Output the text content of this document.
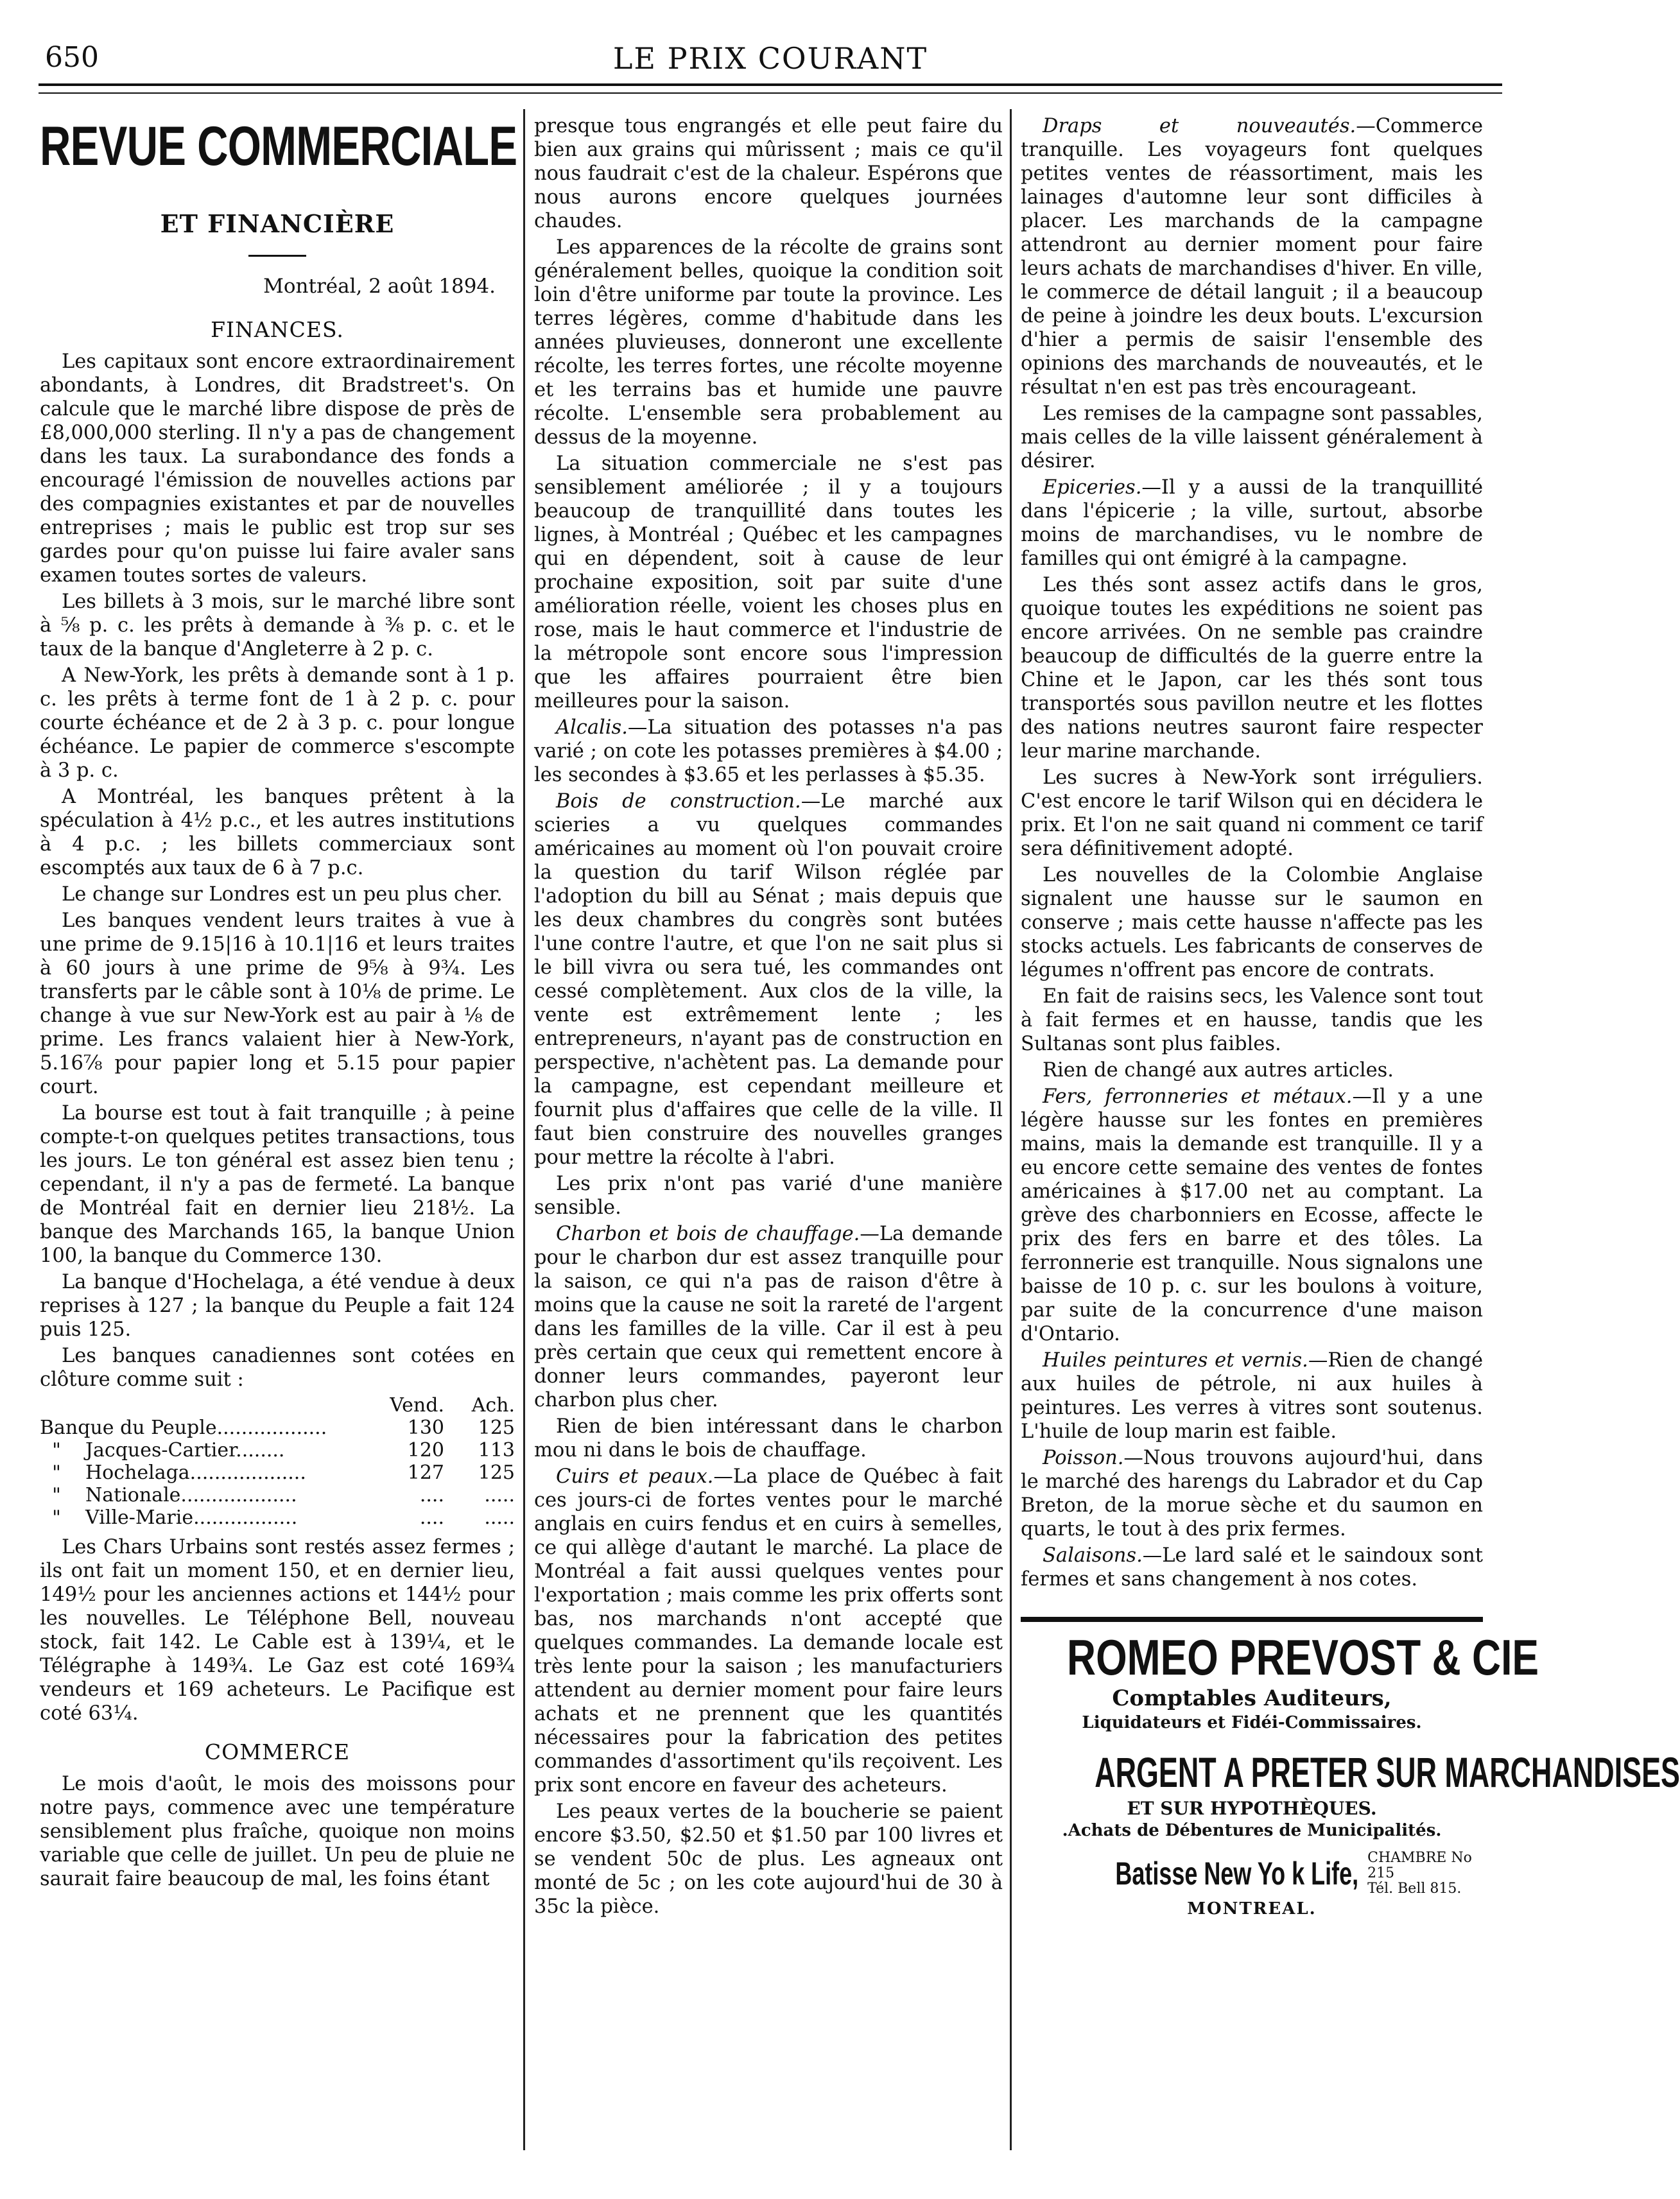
650	LE PRIX COURANT
REVUE COMMERCIALE
ET FINANCIÈRE
Montréal, 2 août 1894.
FINANCES.

Les capitaux sont encore extraordinairement abondants, à Londres, dit Bradstreet's. On calcule que le marché libre dispose de près de £8,000,000 sterling. Il n'y a pas de changement dans les taux. La surabondance des fonds a encouragé l'émission de nouvelles actions par des compagnies existantes et par de nouvelles entreprises ; mais le public est trop sur ses gardes pour qu'on puisse lui faire avaler sans examen toutes sortes de valeurs.

Les billets à 3 mois, sur le marché libre sont à ⅝ p. c. les prêts à demande à ⅜ p. c. et le taux de la banque d'Angleterre à 2 p. c.

A New-York, les prêts à demande sont à 1 p. c. les prêts à terme font de 1 à 2 p. c. pour courte échéance et de 2 à 3 p. c. pour longue échéance. Le papier de commerce s'escompte à 3 p. c.

A Montréal, les banques prêtent à la spéculation à 4½ p.c., et les autres institutions à 4 p.c. ; les billets commerciaux sont escomptés aux taux de 6 à 7 p.c.

Le change sur Londres est un peu plus cher.

Les banques vendent leurs traites à vue à une prime de 9.15|16 à 10.1|16 et leurs traites à 60 jours à une prime de 9⅝ à 9¾. Les transferts par le câble sont à 10⅛ de prime. Le change à vue sur New-York est au pair à ⅛ de prime. Les francs valaient hier à New-York, 5.16⅞ pour papier long et 5.15 pour papier court.

La bourse est tout à fait tranquille ; à peine compte-t-on quelques petites transactions, tous les jours. Le ton général est assez bien tenu ; cependant, il n'y a pas de fermeté. La banque de Montréal fait en dernier lieu 218½. La banque des Marchands 165, la banque Union 100, la banque du Commerce 130.

La banque d'Hochelaga, a été vendue à deux reprises à 127 ; la banque du Peuple a fait 124 puis 125.

Les banques canadiennes sont cotées en clôture comme suit :

	Vend.	Ach.
Banque du Peuple..................	130	125
"    Jacques-Cartier........	120	113
"    Hochelaga...................	127	125
"    Nationale...................	....	.....
"    Ville-Marie.................	....	.....

Les Chars Urbains sont restés assez fermes ; ils ont fait un moment 150, et en dernier lieu, 149½ pour les anciennes actions et 144½ pour les nouvelles. Le Téléphone Bell, nouveau stock, fait 142. Le Cable est à 139¼, et le Télégraphe à 149¾. Le Gaz est coté 169¾ vendeurs et 169 acheteurs. Le Pacifique est coté 63¼.

COMMERCE

Le mois d'août, le mois des moissons pour notre pays, commence avec une température sensiblement plus fraîche, quoique non moins variable que celle de juillet. Un peu de pluie ne saurait faire beaucoup de mal, les foins étant

presque tous engrangés et elle peut faire du bien aux grains qui mûrissent ; mais ce qu'il nous faudrait c'est de la chaleur. Espérons que nous aurons encore quelques journées chaudes.

Les apparences de la récolte de grains sont généralement belles, quoique la condition soit loin d'être uniforme par toute la province. Les terres légères, comme d'habitude dans les années pluvieuses, donneront une excellente récolte, les terres fortes, une récolte moyenne et les terrains bas et humide une pauvre récolte. L'ensemble sera probablement au dessus de la moyenne.

La situation commerciale ne s'est pas sensiblement améliorée ; il y a toujours beaucoup de tranquillité dans toutes les lignes, à Montréal ; Québec et les campagnes qui en dépendent, soit à cause de leur prochaine exposition, soit par suite d'une amélioration réelle, voient les choses plus en rose, mais le haut commerce et l'industrie de la métropole sont encore sous l'impression que les affaires pourraient être bien meilleures pour la saison.

Alcalis.—La situation des potasses n'a pas varié ; on cote les potasses premières à $4.00 ; les secondes à $3.65 et les perlasses à $5.35.

Bois de construction.—Le marché aux scieries a vu quelques commandes américaines au moment où l'on pouvait croire la question du tarif Wilson réglée par l'adoption du bill au Sénat ; mais depuis que les deux chambres du congrès sont butées l'une contre l'autre, et que l'on ne sait plus si le bill vivra ou sera tué, les commandes ont cessé complètement. Aux clos de la ville, la vente est extrêmement lente ; les entrepreneurs, n'ayant pas de construction en perspective, n'achètent pas. La demande pour la campagne, est cependant meilleure et fournit plus d'affaires que celle de la ville. Il faut bien construire des nouvelles granges pour mettre la récolte à l'abri.

Les prix n'ont pas varié d'une manière sensible.

Charbon et bois de chauffage.—La demande pour le charbon dur est assez tranquille pour la saison, ce qui n'a pas de raison d'être à moins que la cause ne soit la rareté de l'argent dans les familles de la ville. Car il est à peu près certain que ceux qui remettent encore à donner leurs commandes, payeront leur charbon plus cher.

Rien de bien intéressant dans le charbon mou ni dans le bois de chauffage.

Cuirs et peaux.—La place de Québec à fait ces jours-ci de fortes ventes pour le marché anglais en cuirs fendus et en cuirs à semelles, ce qui allège d'autant le marché. La place de Montréal a fait aussi quelques ventes pour l'exportation ; mais comme les prix offerts sont bas, nos marchands n'ont accepté que quelques commandes. La demande locale est très lente pour la saison ; les manufacturiers attendent au dernier moment pour faire leurs achats et ne prennent que les quantités nécessaires pour la fabrication des petites commandes d'assortiment qu'ils reçoivent. Les prix sont encore en faveur des acheteurs.

Les peaux vertes de la boucherie se paient encore $3.50, $2.50 et $1.50 par 100 livres et se vendent 50c de plus. Les agneaux ont monté de 5c ; on les cote aujourd'hui de 30 à 35c la pièce.

Draps et nouveautés.—Commerce tranquille. Les voyageurs font quelques petites ventes de réassortiment, mais les lainages d'automne leur sont difficiles à placer. Les marchands de la campagne attendront au dernier moment pour faire leurs achats de marchandises d'hiver. En ville, le commerce de détail languit ; il a beaucoup de peine à joindre les deux bouts. L'excursion d'hier a permis de saisir l'ensemble des opinions des marchands de nouveautés, et le résultat n'en est pas très encourageant.

Les remises de la campagne sont passables, mais celles de la ville laissent généralement à désirer.

Epiceries.—Il y a aussi de la tranquillité dans l'épicerie ; la ville, surtout, absorbe moins de marchandises, vu le nombre de familles qui ont émigré à la campagne.

Les thés sont assez actifs dans le gros, quoique toutes les expéditions ne soient pas encore arrivées. On ne semble pas craindre beaucoup de difficultés de la guerre entre la Chine et le Japon, car les thés sont tous transportés sous pavillon neutre et les flottes des nations neutres sauront faire respecter leur marine marchande.

Les sucres à New-York sont irréguliers. C'est encore le tarif Wilson qui en décidera le prix. Et l'on ne sait quand ni comment ce tarif sera définitivement adopté.

Les nouvelles de la Colombie Anglaise signalent une hausse sur le saumon en conserve ; mais cette hausse n'affecte pas les stocks actuels. Les fabricants de conserves de légumes n'offrent pas encore de contrats.

En fait de raisins secs, les Valence sont tout à fait fermes et en hausse, tandis que les Sultanas sont plus faibles.

Rien de changé aux autres articles.

Fers, ferronneries et métaux.—Il y a une légère hausse sur les fontes en premières mains, mais la demande est tranquille. Il y a eu encore cette semaine des ventes de fontes américaines à $17.00 net au comptant. La grève des charbonniers en Ecosse, affecte le prix des fers en barre et des tôles. La ferronnerie est tranquille. Nous signalons une baisse de 10 p. c. sur les boulons à voiture, par suite de la concurrence d'une maison d'Ontario.

Huiles peintures et vernis.—Rien de changé aux huiles de pétrole, ni aux huiles à peintures. Les verres à vitres sont soutenus. L'huile de loup marin est faible.

Poisson.—Nous trouvons aujourd'hui, dans le marché des harengs du Labrador et du Cap Breton, de la morue sèche et du saumon en quarts, le tout à des prix fermes.

Salaisons.—Le lard salé et le saindoux sont fermes et sans changement à nos cotes.

ROMEO PREVOST & CIE
Comptables Auditeurs,
Liquidateurs et Fidéi-Commissaires.
ARGENT A PRETER SUR MARCHANDISES
ET SUR HYPOTHÈQUES.
.Achats de Débentures de Municipalités.
Batisse New Yo k Life, CHAMBRE No 215
Tél. Bell 815.
MONTREAL.
